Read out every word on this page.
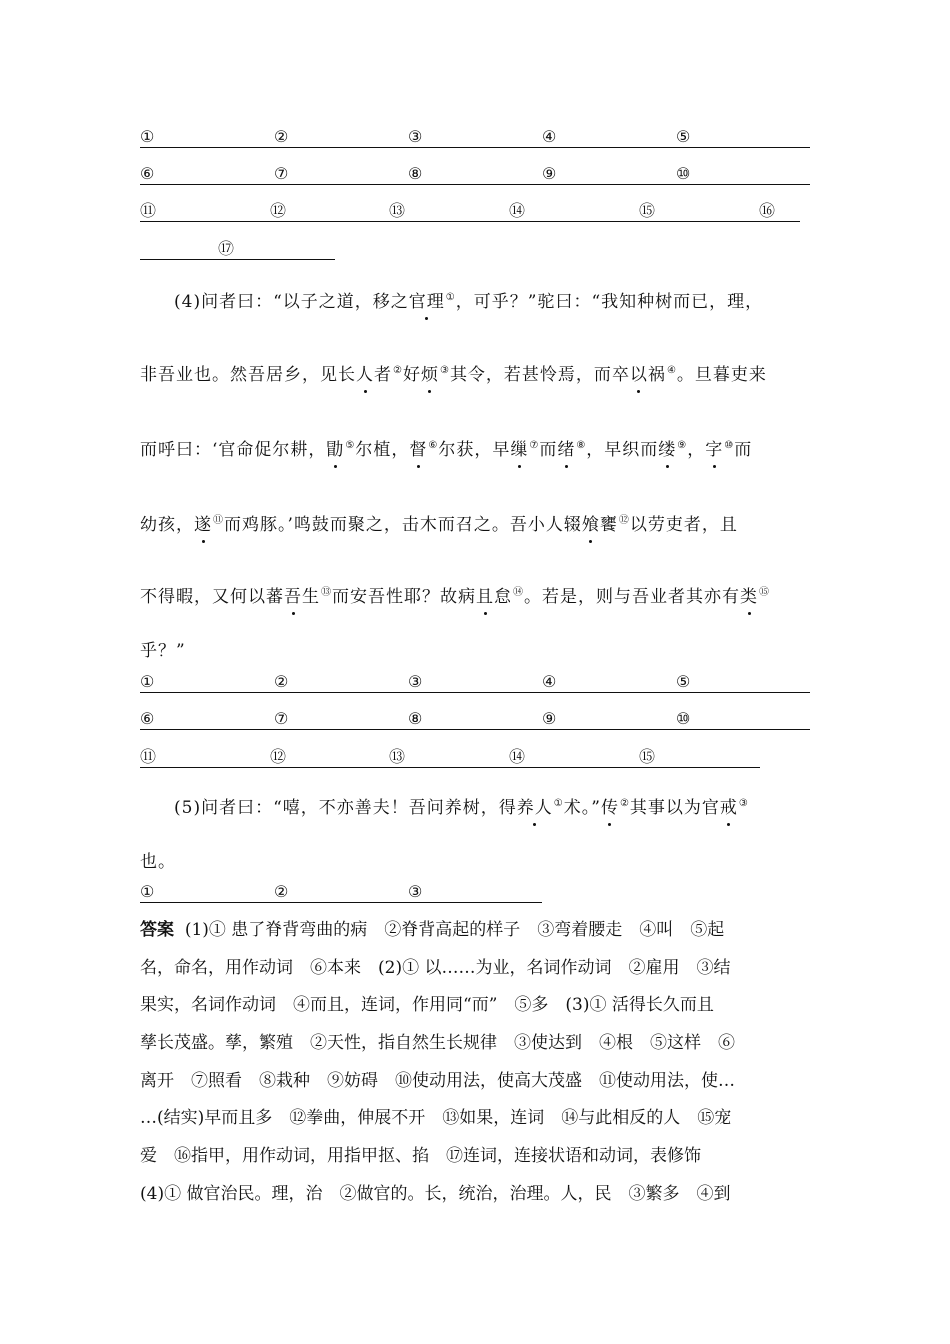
①	②	③	④	⑤
⑥	⑦	⑧	⑨	⑩
⑪	⑫	⑬	⑭	⑮	⑯
⑰
(4)问者曰：“以子之道，移之官理①，可乎？”驼曰：“我知种树而已，理，
非吾业也。然吾居乡，见长人者②好烦③其令，若甚怜焉，而卒以祸④。旦暮吏来
而呼曰：‘官命促尔耕，勖⑤尔植，督⑥尔获，早缫⑦而绪⑧，早织而缕⑨，字⑩而
幼孩，遂⑪而鸡豚。’鸣鼓而聚之，击木而召之。吾小人辍飧饔⑫以劳吏者，且
不得暇，又何以蕃吾生⑬而安吾性耶？故病且怠⑭。若是，则与吾业者其亦有类⑮
乎？”
①	②	③	④	⑤
⑥	⑦	⑧	⑨	⑩
⑪	⑫	⑬	⑭	⑮
(5)问者曰：“嘻，不亦善夫！吾问养树，得养人①术。”传②其事以为官戒③
也。
①	②	③
答案 (1)① 患了脊背弯曲的病　②脊背高起的样子　③弯着腰走　④叫　⑤起
名，命名，用作动词　⑥本来　(2)① 以……为业，名词作动词　②雇用　③结
果实，名词作动词　④而且，连词，作用同“而”　⑤多　(3)① 活得长久而且
孳长茂盛。孳，繁殖　②天性，指自然生长规律　③使达到　④根　⑤这样　⑥
离开　⑦照看　⑧栽种　⑨妨碍　⑩使动用法，使高大茂盛　⑪使动用法，使…
…(结实)早而且多　⑫拳曲，伸展不开　⑬如果，连词　⑭与此相反的人　⑮宠
爱　⑯指甲，用作动词，用指甲抠、掐　⑰连词，连接状语和动词，表修饰
(4)① 做官治民。理，治　②做官的。长，统治，治理。人，民　③繁多　④到
